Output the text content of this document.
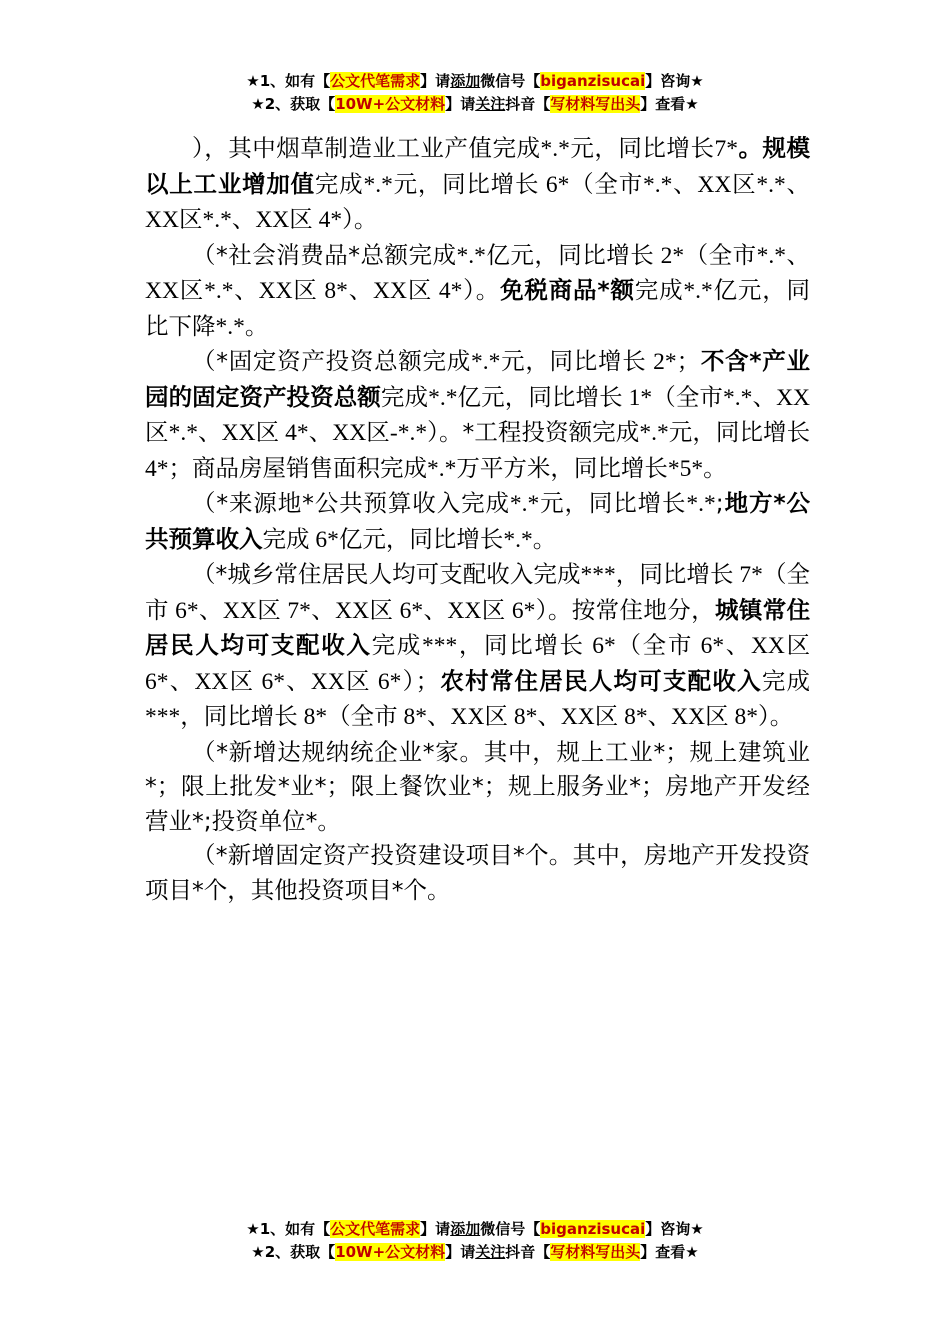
★1、如有【公文代笔需求】请添加微信号【biganzisucai】咨询★
★2、获取【10W+公文材料】请关注抖音【写材料写出头】查看★

），其中烟草制造业工业产值完成*.*元，同比增长7*。规模以上工业增加值完成*.*元，同比增长 6*（全市*.*、XX区*.*、XX区*.*、XX区 4*）。

（*社会消费品*总额完成*.*亿元，同比增长 2*（全市*.*、XX区*.*、XX区 8*、XX区 4*）。免税商品*额完成*.*亿元，同比下降*.*。

（*固定资产投资总额完成*.*元，同比增长 2*；不含*产业园的固定资产投资总额完成*.*亿元，同比增长 1*（全市*.*、XX区*.*、XX区 4*、XX区-*.*）。*工程投资额完成*.*元，同比增长 4*；商品房屋销售面积完成*.*万平方米，同比增长*5*。

（*来源地*公共预算收入完成*.*元，同比增长*.*;地方*公共预算收入完成 6*亿元，同比增长*.*。

（*城乡常住居民人均可支配收入完成***，同比增长 7*（全市 6*、XX区 7*、XX区 6*、XX区 6*）。按常住地分，城镇常住居民人均可支配收入完成***，同比增长 6*（全市 6*、XX区 6*、XX区 6*、XX区 6*）；农村常住居民人均可支配收入完成***，同比增长 8*（全市 8*、XX区 8*、XX区 8*、XX区 8*）。

（*新增达规纳统企业*家。其中，规上工业*；规上建筑业*；限上批发*业*；限上餐饮业*；规上服务业*；房地产开发经营业*;投资单位*。

（*新增固定资产投资建设项目*个。其中，房地产开发投资项目*个，其他投资项目*个。

★1、如有【公文代笔需求】请添加微信号【biganzisucai】咨询★
★2、获取【10W+公文材料】请关注抖音【写材料写出头】查看★
